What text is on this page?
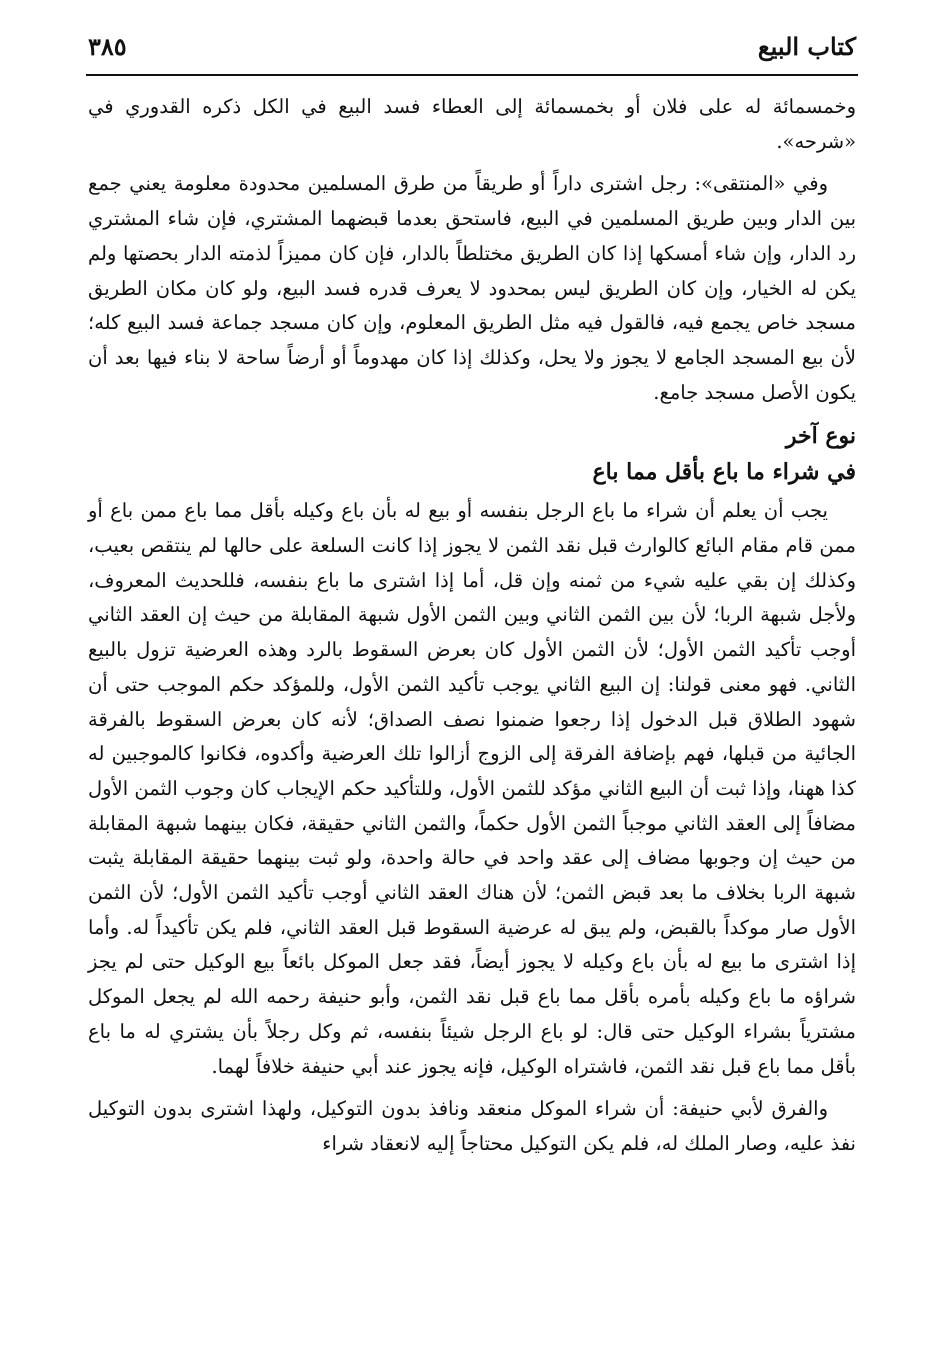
كتاب البيع
٣٨٥

وخمسمائة له على فلان أو بخمسمائة إلى العطاء فسد البيع في الكل ذكره القدوري في «شرحه».

وفي «المنتقى»: رجل اشترى داراً أو طريقاً من طرق المسلمين محدودة معلومة يعني جمع بين الدار وبين طريق المسلمين في البيع، فاستحق بعدما قبضهما المشتري، فإن شاء المشتري رد الدار، وإن شاء أمسكها إذا كان الطريق مختلطاً بالدار، فإن كان مميزاً لذمته الدار بحصتها ولم يكن له الخيار، وإن كان الطريق ليس بمحدود لا يعرف قدره فسد البيع، ولو كان مكان الطريق مسجد خاص يجمع فيه، فالقول فيه مثل الطريق المعلوم، وإن كان مسجد جماعة فسد البيع كله؛ لأن بيع المسجد الجامع لا يجوز ولا يحل، وكذلك إذا كان مهدوماً أو أرضاً ساحة لا بناء فيها بعد أن يكون الأصل مسجد جامع.

نوع آخر
في شراء ما باع بأقل مما باع

يجب أن يعلم أن شراء ما باع الرجل بنفسه أو بيع له بأن باع وكيله بأقل مما باع ممن باع أو ممن قام مقام البائع كالوارث قبل نقد الثمن لا يجوز إذا كانت السلعة على حالها لم ينتقص بعيب، وكذلك إن بقي عليه شيء من ثمنه وإن قل، أما إذا اشترى ما باع بنفسه، فللحديث المعروف، ولأجل شبهة الربا؛ لأن بين الثمن الثاني وبين الثمن الأول شبهة المقابلة من حيث إن العقد الثاني أوجب تأكيد الثمن الأول؛ لأن الثمن الأول كان بعرض السقوط بالرد وهذه العرضية تزول بالبيع الثاني. فهو معنى قولنا: إن البيع الثاني يوجب تأكيد الثمن الأول، وللمؤكد حكم الموجب حتى أن شهود الطلاق قبل الدخول إذا رجعوا ضمنوا نصف الصداق؛ لأنه كان بعرض السقوط بالفرقة الجائية من قبلها، فهم بإضافة الفرقة إلى الزوج أزالوا تلك العرضية وأكدوه، فكانوا كالموجبين له كذا ههنا، وإذا ثبت أن البيع الثاني مؤكد للثمن الأول، وللتأكيد حكم الإيجاب كان وجوب الثمن الأول مضافاً إلى العقد الثاني موجباً الثمن الأول حكماً، والثمن الثاني حقيقة، فكان بينهما شبهة المقابلة من حيث إن وجوبها مضاف إلى عقد واحد في حالة واحدة، ولو ثبت بينهما حقيقة المقابلة يثبت شبهة الربا بخلاف ما بعد قبض الثمن؛ لأن هناك العقد الثاني أوجب تأكيد الثمن الأول؛ لأن الثمن الأول صار موكداً بالقبض، ولم يبق له عرضية السقوط قبل العقد الثاني، فلم يكن تأكيداً له. وأما إذا اشترى ما بيع له بأن باع وكيله لا يجوز أيضاً، فقد جعل الموكل بائعاً بيع الوكيل حتى لم يجز شراؤه ما باع وكيله بأمره بأقل مما باع قبل نقد الثمن، وأبو حنيفة رحمه الله لم يجعل الموكل مشترياً بشراء الوكيل حتى قال: لو باع الرجل شيئاً بنفسه، ثم وكل رجلاً بأن يشتري له ما باع بأقل مما باع قبل نقد الثمن، فاشتراه الوكيل، فإنه يجوز عند أبي حنيفة خلافاً لهما.

والفرق لأبي حنيفة: أن شراء الموكل منعقد ونافذ بدون التوكيل، ولهذا اشترى بدون التوكيل نفذ عليه، وصار الملك له، فلم يكن التوكيل محتاجاً إليه لانعقاد شراء
